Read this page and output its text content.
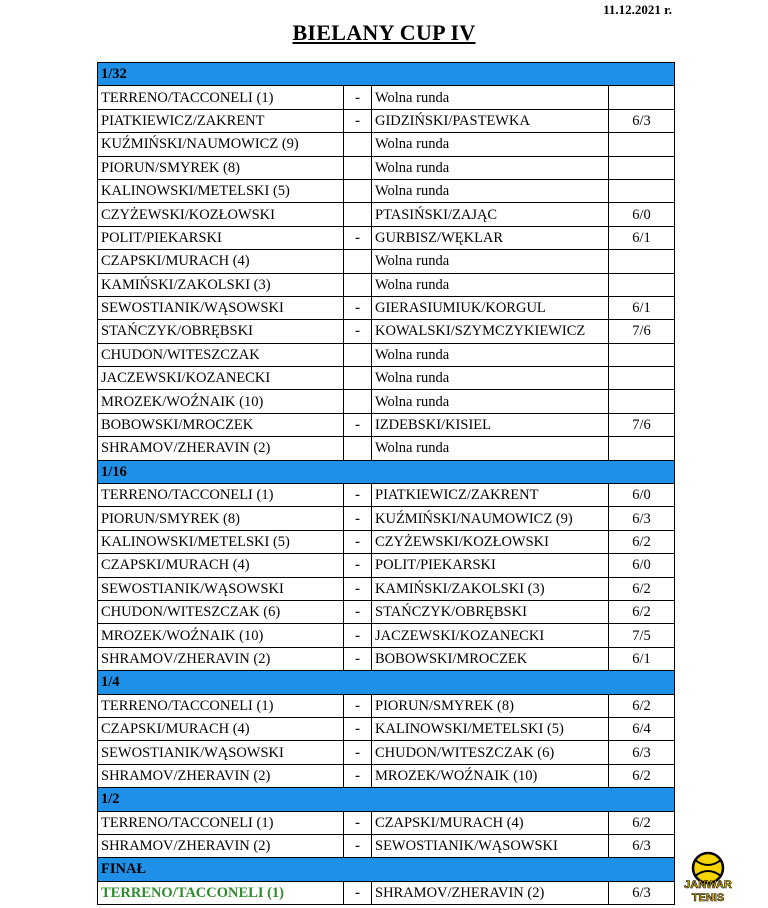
11.12.2021 r.
BIELANY CUP IV
1/32			
TERRENO/TACCONELI (1)	-	Wolna runda	
PIATKIEWICZ/ZAKRENT	-	GIDZIŃSKI/PASTEWKA	6/3
KUŹMIŃSKI/NAUMOWICZ (9)		Wolna runda	
PIORUN/SMYREK (8)		Wolna runda	
KALINOWSKI/METELSKI (5)		Wolna runda	
CZYŻEWSKI/KOZŁOWSKI		PTASIŃSKI/ZAJĄC	6/0
POLIT/PIEKARSKI	-	GURBISZ/WĘKLAR	6/1
CZAPSKI/MURACH (4)		Wolna runda	
KAMIŃSKI/ZAKOLSKI (3)		Wolna runda	
SEWOSTIANIK/WĄSOWSKI	-	GIERASIUMIUK/KORGUL	6/1
STAŃCZYK/OBRĘBSKI	-	KOWALSKI/SZYMCZYKIEWICZ	7/6
CHUDON/WITESZCZAK		Wolna runda	
JACZEWSKI/KOZANECKI		Wolna runda	
MROZEK/WOŹNAIK (10)		Wolna runda	
BOBOWSKI/MROCZEK	-	IZDEBSKI/KISIEL	7/6
SHRAMOV/ZHERAVIN (2)		Wolna runda	
1/16			
TERRENO/TACCONELI (1)	-	PIATKIEWICZ/ZAKRENT	6/0
PIORUN/SMYREK (8)	-	KUŹMIŃSKI/NAUMOWICZ (9)	6/3
KALINOWSKI/METELSKI (5)	-	CZYŻEWSKI/KOZŁOWSKI	6/2
CZAPSKI/MURACH (4)	-	POLIT/PIEKARSKI	6/0
SEWOSTIANIK/WĄSOWSKI	-	KAMIŃSKI/ZAKOLSKI (3)	6/2
CHUDON/WITESZCZAK (6)	-	STAŃCZYK/OBRĘBSKI	6/2
MROZEK/WOŹNAIK (10)	-	JACZEWSKI/KOZANECKI	7/5
SHRAMOV/ZHERAVIN (2)	-	BOBOWSKI/MROCZEK	6/1
1/4			
TERRENO/TACCONELI (1)	-	PIORUN/SMYREK (8)	6/2
CZAPSKI/MURACH (4)	-	KALINOWSKI/METELSKI (5)	6/4
SEWOSTIANIK/WĄSOWSKI	-	CHUDON/WITESZCZAK (6)	6/3
SHRAMOV/ZHERAVIN (2)	-	MROZEK/WOŹNAIK (10)	6/2
1/2			
TERRENO/TACCONELI (1)	-	CZAPSKI/MURACH (4)	6/2
SHRAMOV/ZHERAVIN (2)	-	SEWOSTIANIK/WĄSOWSKI	6/3
FINAŁ			
TERRENO/TACCONELI (1)	-	SHRAMOV/ZHERAVIN (2)	6/3	JANWAR
TENIS
